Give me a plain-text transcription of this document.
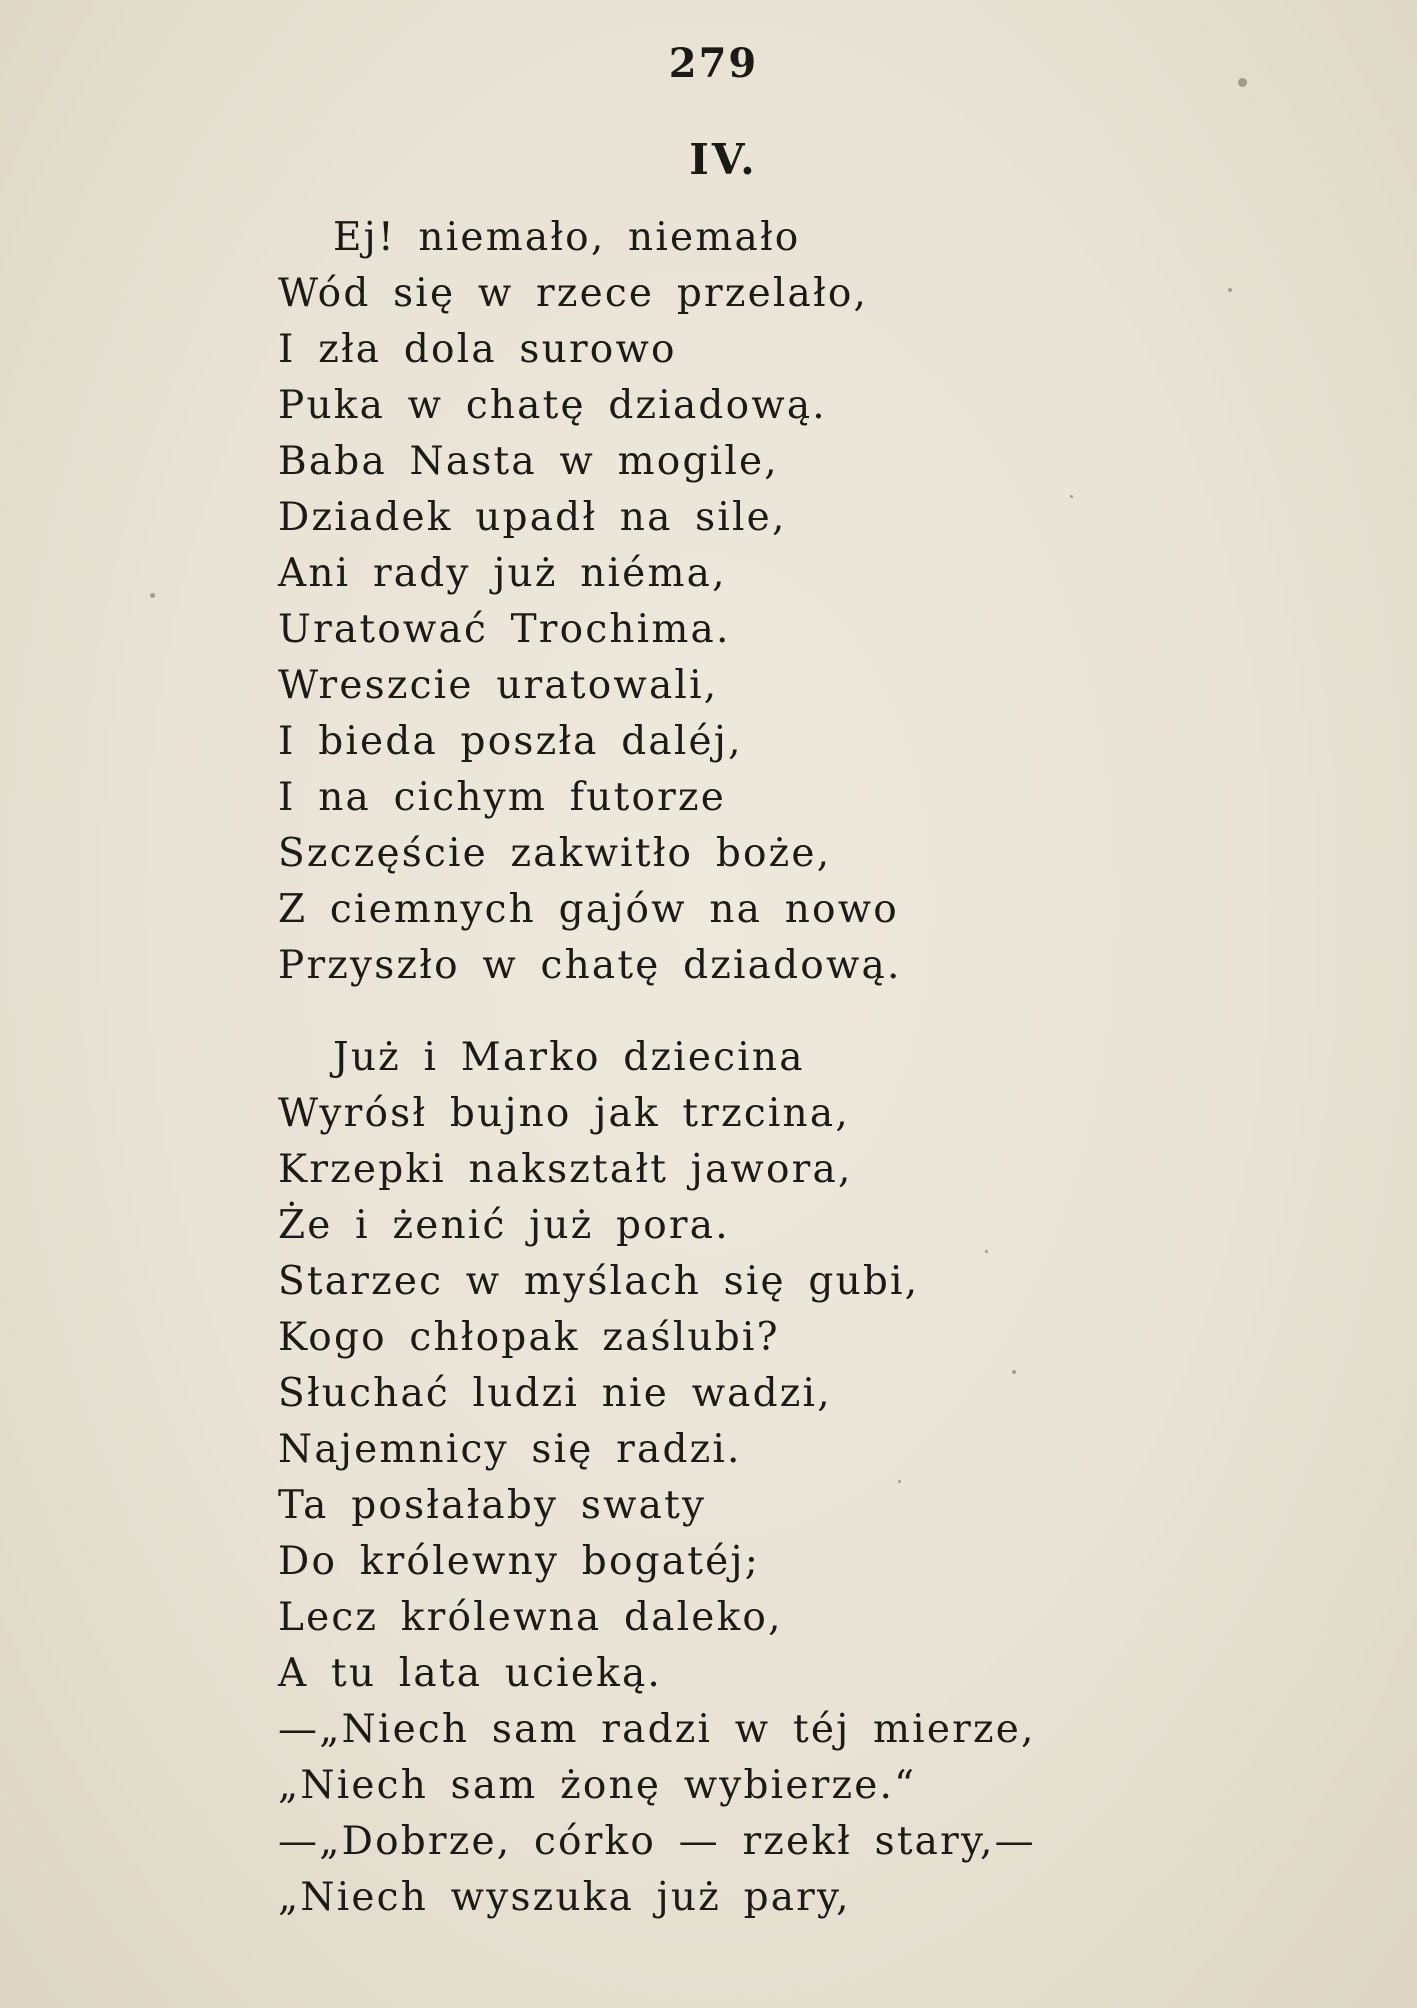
279
IV.
Ej! niemało, niemało
Wód się w rzece przelało,
I zła dola surowo
Puka w chatę dziadową.
Baba Nasta w mogile,
Dziadek upadł na sile,
Ani rady już niéma,
Uratować Trochima.
Wreszcie uratowali,
I bieda poszła daléj,
I na cichym futorze
Szczęście zakwitło boże,
Z ciemnych gajów na nowo
Przyszło w chatę dziadową.
Już i Marko dziecina
Wyrósł bujno jak trzcina,
Krzepki nakształt jawora,
Że i żenić już pora.
Starzec w myślach się gubi,
Kogo chłopak zaślubi?
Słuchać ludzi nie wadzi,
Najemnicy się radzi.
Ta posłałaby swaty
Do królewny bogatéj;
Lecz królewna daleko,
A tu lata ucieką.
—„Niech sam radzi w téj mierze,
„Niech sam żonę wybierze.“
—„Dobrze, córko — rzekł stary,—
„Niech wyszuka już pary,
